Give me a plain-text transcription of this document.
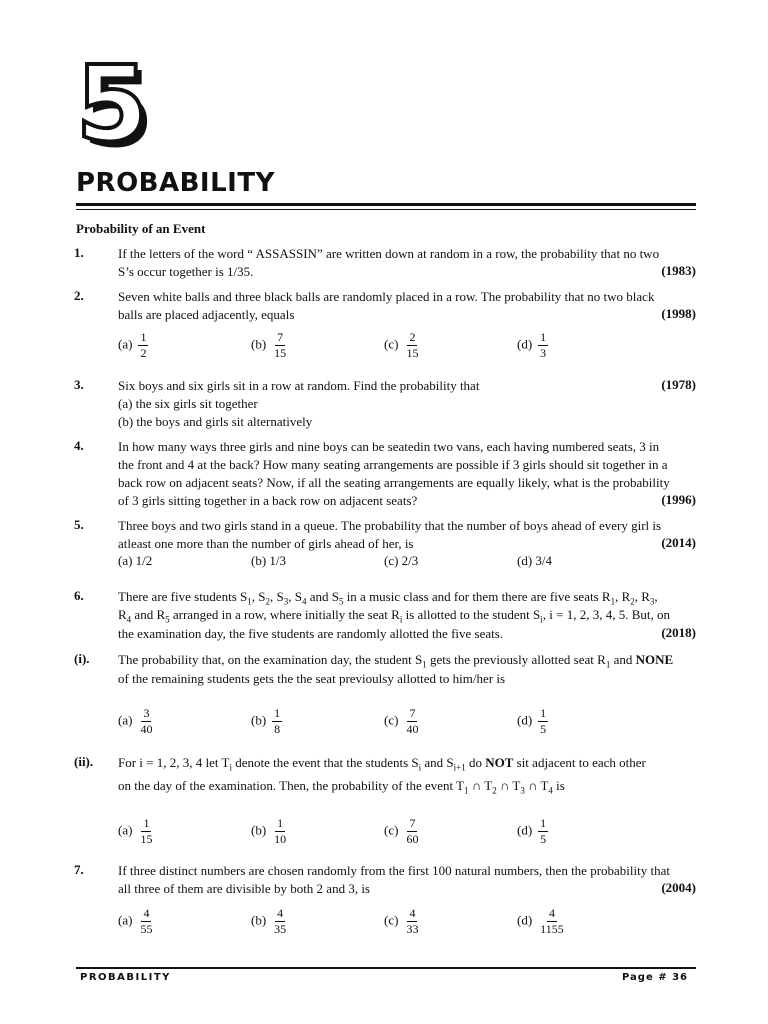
5
PROBABILITY
Probability of an Event
1.	If the letters of the word “ ASSASSIN” are written down at random in a row, the probability that no two
S’s occur together is 1/35.	(1983)
2.	Seven white balls and three black balls are randomly placed in a row. The probability that no two black
balls are placed adjacently, equals	(1998)
$(a) \frac{1}{2}$	$(b) \frac{7}{15}$	$(c) \frac{2}{15}$	$(d) \frac{1}{3}$
3.	Six boys and six girls sit in a row at random. Find the probability that	(1978)
(a) the six girls sit together
(b) the boys and girls sit alternatively
4.	In how many ways three girls and nine boys can be seatedin two vans, each having numbered seats, 3 in
the front and 4 at the back? How many seating arrangements are possible if 3 girls should sit together in a
back row on adjacent seats? Now, if all the seating arrangements are equally likely, what is the probability
of 3 girls sitting together in a back row on adjacent seats?	(1996)
5.	Three boys and two girls stand in a queue. The probability that the number of boys ahead of every girl is
atleast one more than the number of girls ahead of her, is	(2014)
(a) 1/2	(b) 1/3	(c) 2/3	(d) 3/4
6.	There are five students $S_1$, $S_2$, $S_3$, $S_4$ and $S_5$ in a music class and for them there are five seats $R_1$, $R_2$, $R_3$,
$R_4$ and $R_5$ arranged in a row, where initially the seat $R_i$ is allotted to the student $S_i$, i = 1, 2, 3, 4, 5. But, on
the examination day, the five students are randomly allotted the five seats.	(2018)
(i). The probability that, on the examination day, the student $S_1$ gets the previously allotted seat $R_1$ and NONE
of the remaining students gets the the seat previoulsy allotted to him/her is
$(a) \frac{3}{40}$	$(b) \frac{1}{8}$	$(c) \frac{7}{40}$	$(d) \frac{1}{5}$
(ii). For i = 1, 2, 3, 4 let $T_i$ denote the event that the students $S_i$ and $S_{i+1}$ do NOT sit adjacent to each other
on the day of the examination. Then, the probability of the event $T_1$ ∩ $T_2$ ∩ $T_3$ ∩ $T_4$ is
$(a) \frac{1}{15}$	$(b) \frac{1}{10}$	$(c) \frac{7}{60}$	$(d) \frac{1}{5}$
7.	If three distinct numbers are chosen randomly from the first 100 natural numbers, then the probability that
all three of them are divisible by both 2 and 3, is	(2004)
$(a) \frac{4}{55}$	$(b) \frac{4}{35}$	$(c) \frac{4}{33}$	$(d) \frac{4}{1155}$
PROBABILITY	Page # 36
